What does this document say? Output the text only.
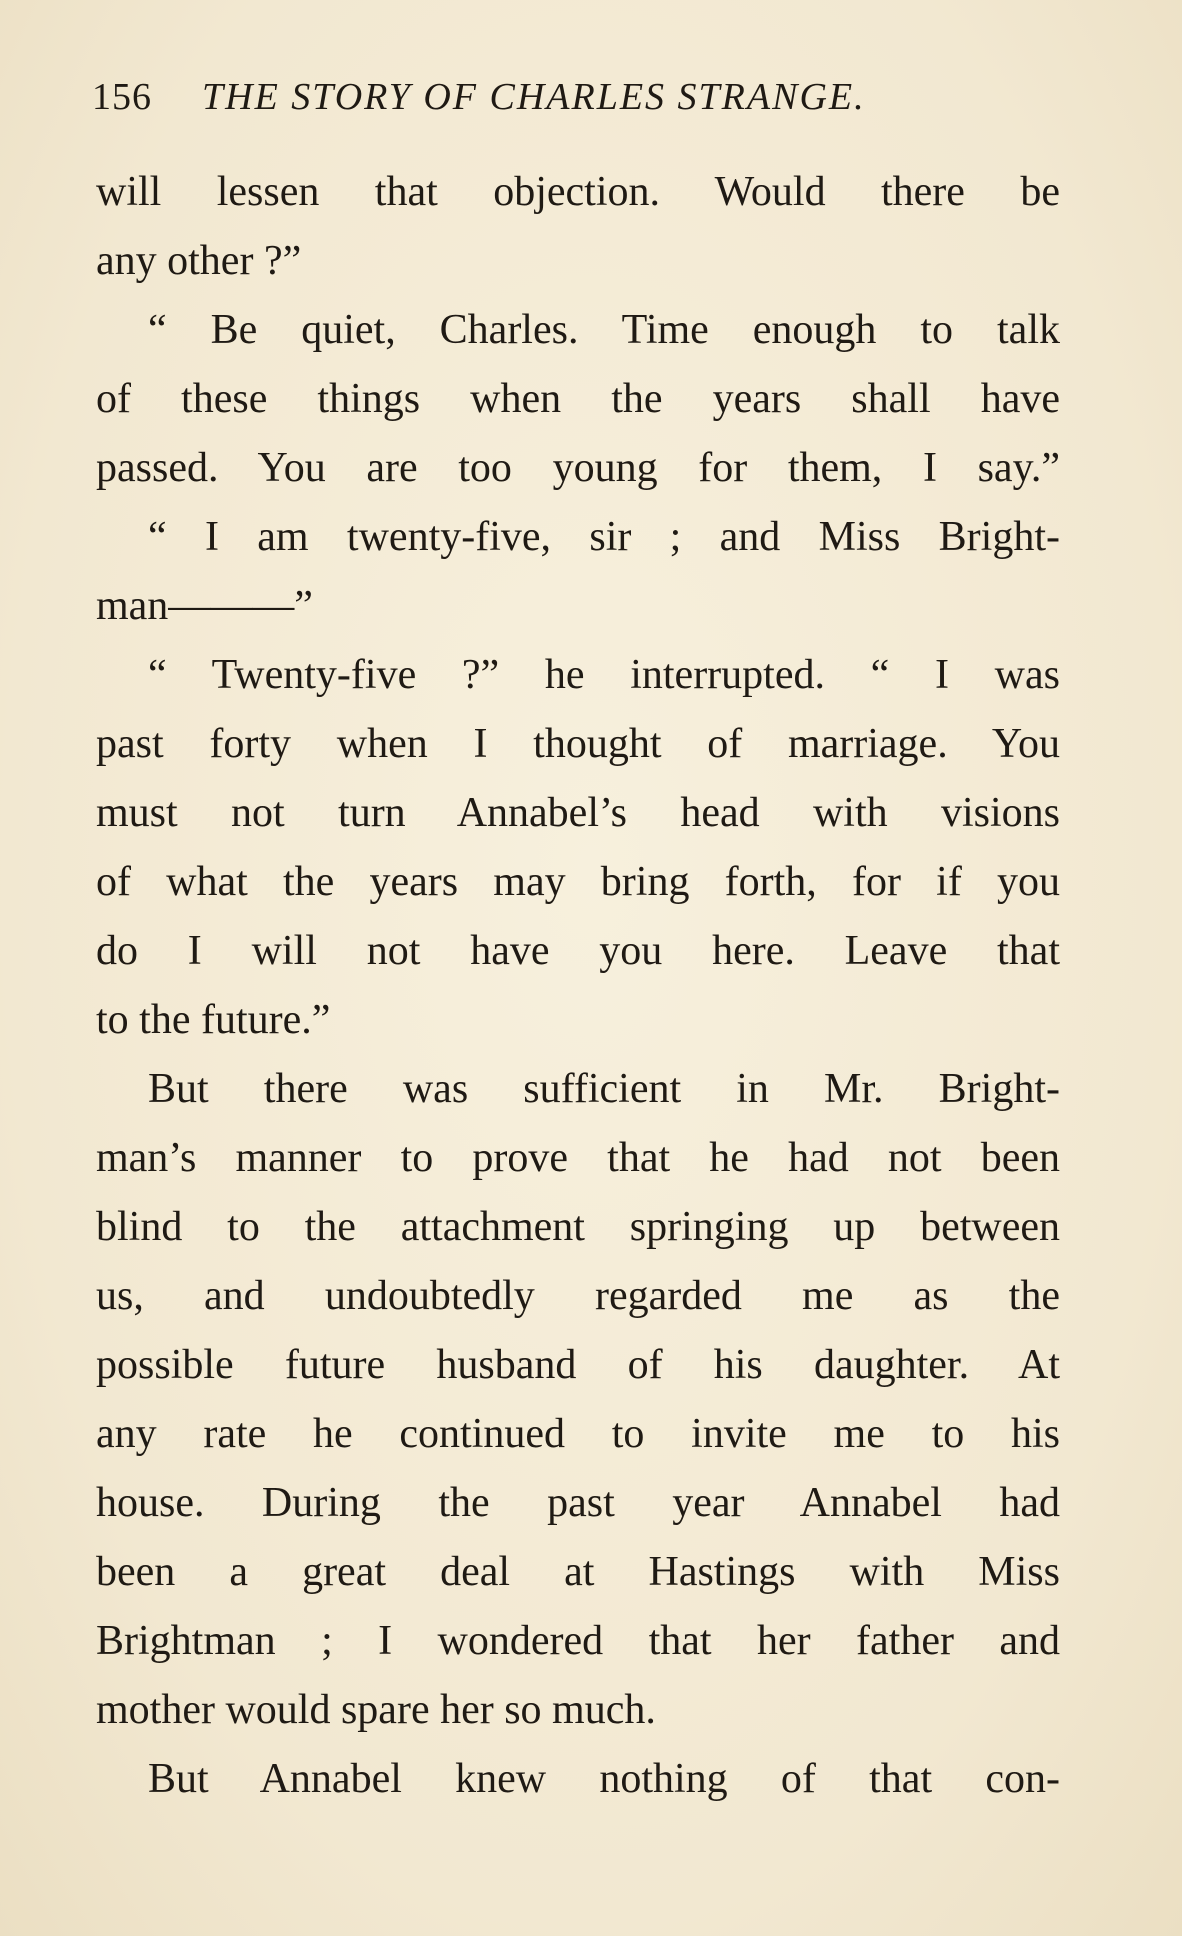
156 THE STORY OF CHARLES STRANGE.
will lessen that objection. Would there be
any other ?”
“ Be quiet, Charles. Time enough to talk
of these things when the years shall have
passed. You are too young for them, I say.”
“ I am twenty-five, sir ; and Miss Bright-
man———”
“ Twenty-five ?” he interrupted. “ I was
past forty when I thought of marriage. You
must not turn Annabel’s head with visions
of what the years may bring forth, for if you
do I will not have you here. Leave that
to the future.”
But there was sufficient in Mr. Bright-
man’s manner to prove that he had not been
blind to the attachment springing up between
us, and undoubtedly regarded me as the
possible future husband of his daughter. At
any rate he continued to invite me to his
house. During the past year Annabel had
been a great deal at Hastings with Miss
Brightman ; I wondered that her father and
mother would spare her so much.
But Annabel knew nothing of that con-
